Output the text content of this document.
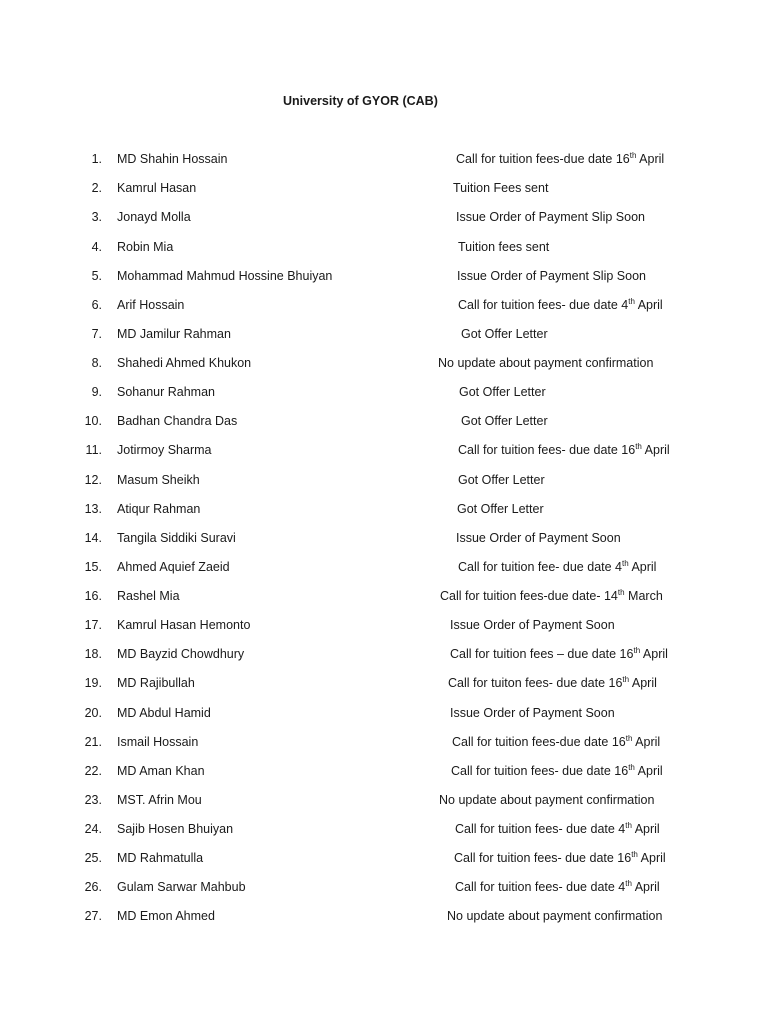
University of GYOR (CAB)
1. MD Shahin Hossain	Call for tuition fees-due date 16th April
2. Kamrul Hasan	Tuition Fees sent
3. Jonayd Molla	Issue Order of Payment Slip Soon
4. Robin Mia	Tuition fees sent
5. Mohammad Mahmud Hossine Bhuiyan	Issue Order of Payment Slip Soon
6. Arif Hossain	Call for tuition fees- due date 4th April
7. MD Jamilur Rahman	Got Offer Letter
8. Shahedi Ahmed Khukon	No update about payment confirmation
9. Sohanur Rahman	Got Offer Letter
10. Badhan Chandra Das	Got Offer Letter
11. Jotirmoy Sharma	Call for tuition fees- due date 16th April
12. Masum Sheikh	Got Offer Letter
13. Atiqur Rahman	Got Offer Letter
14. Tangila Siddiki Suravi	Issue Order of Payment Soon
15. Ahmed Aquief Zaeid	Call for tuition fee- due date 4th April
16. Rashel Mia	Call for tuition fees-due date- 14th March
17. Kamrul Hasan Hemonto	Issue Order of Payment Soon
18. MD Bayzid Chowdhury	Call for tuition fees – due date 16th April
19. MD Rajibullah	Call for tuiton fees- due date 16th April
20. MD Abdul Hamid	Issue Order of Payment Soon
21. Ismail Hossain	Call for tuition fees-due date 16th April
22. MD Aman Khan	Call for tuition fees- due date 16th April
23. MST. Afrin Mou	No update about payment confirmation
24. Sajib Hosen Bhuiyan	Call for tuition fees- due date 4th April
25. MD Rahmatulla	Call for tuition fees- due date 16th April
26. Gulam Sarwar Mahbub	Call for tuition fees- due date 4th April
27. MD Emon Ahmed	No update about payment confirmation
